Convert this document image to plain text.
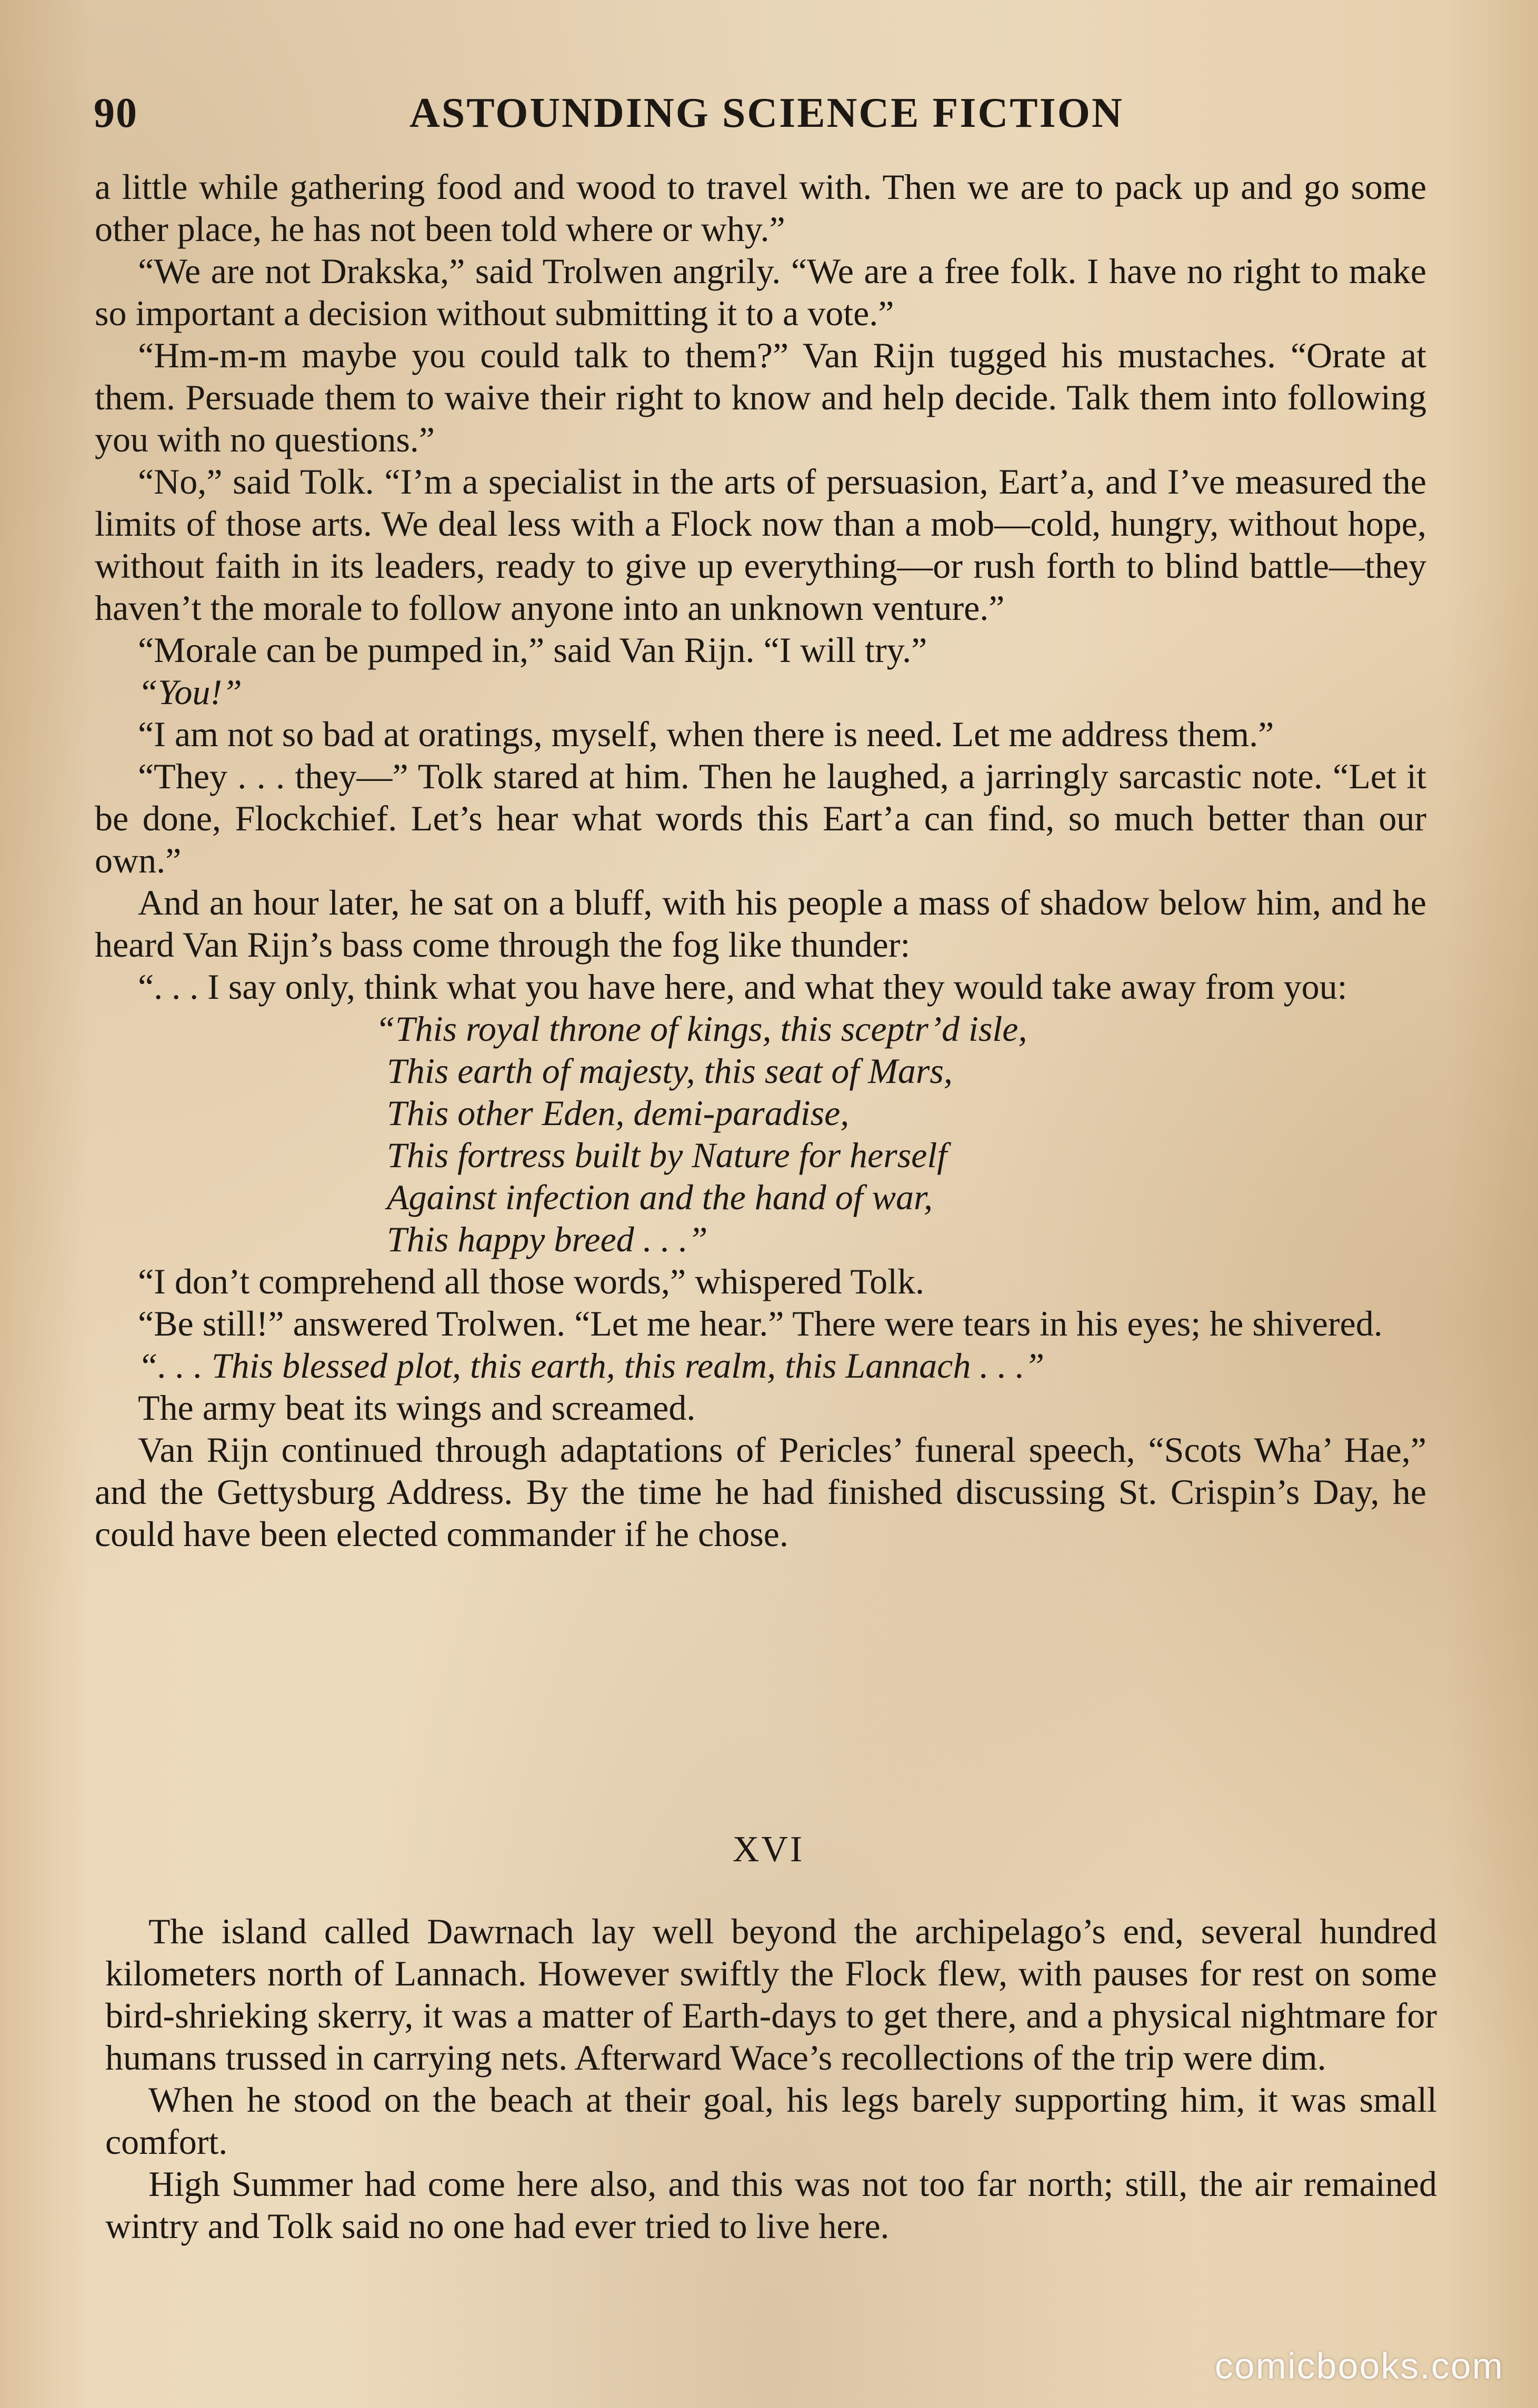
90	ASTOUNDING SCIENCE FICTION

a little while gathering food and wood to travel with. Then we are to pack up and go some other place, he has not been told where or why.”

“We are not Drakska,” said Trolwen angrily. “We are a free folk. I have no right to make so important a decision without submitting it to a vote.”

“Hm-m-m maybe you could talk to them?” Van Rijn tugged his mustaches. “Orate at them. Persuade them to waive their right to know and help decide. Talk them into following you with no questions.”

“No,” said Tolk. “I’m a specialist in the arts of persuasion, Eart’a, and I’ve measured the limits of those arts. We deal less with a Flock now than a mob—cold, hungry, without hope, without faith in its leaders, ready to give up everything—or rush forth to blind battle—they haven’t the morale to follow anyone into an unknown venture.”

“Morale can be pumped in,” said Van Rijn. “I will try.”

“You!”

“I am not so bad at oratings, myself, when there is need. Let me address them.”

“They . . . they—” Tolk stared at him. Then he laughed, a jarringly sarcastic note. “Let it be done, Flockchief. Let’s hear what words this Eart’a can find, so much better than our own.”

And an hour later, he sat on a bluff, with his people a mass of shadow below him, and he heard Van Rijn’s bass come through the fog like thunder:

“. . . I say only, think what you have here, and what they would take away from you:

“This royal throne of kings, this sceptr’d isle,
This earth of majesty, this seat of Mars,
This other Eden, demi-paradise,
This fortress built by Nature for herself
Against infection and the hand of war,
This happy breed . . .”

“I don’t comprehend all those words,” whispered Tolk.

“Be still!” answered Trolwen. “Let me hear.” There were tears in his eyes; he shivered.

“. . . This blessed plot, this earth, this realm, this Lannach . . .”

The army beat its wings and screamed.

Van Rijn continued through adaptations of Pericles’ funeral speech, “Scots Wha’ Hae,” and the Gettysburg Address. By the time he had finished discussing St. Crispin’s Day, he could have been elected commander if he chose.

XVI

The island called Dawrnach lay well beyond the archipelago’s end, several hundred kilometers north of Lannach. However swiftly the Flock flew, with pauses for rest on some bird-shrieking skerry, it was a matter of Earth-days to get there, and a physical nightmare for humans trussed in carrying nets. Afterward Wace’s recollections of the trip were dim.

When he stood on the beach at their goal, his legs barely supporting him, it was small comfort.

High Summer had come here also, and this was not too far north; still, the air remained wintry and Tolk said no one had ever tried to live here.

comicbooks.com
